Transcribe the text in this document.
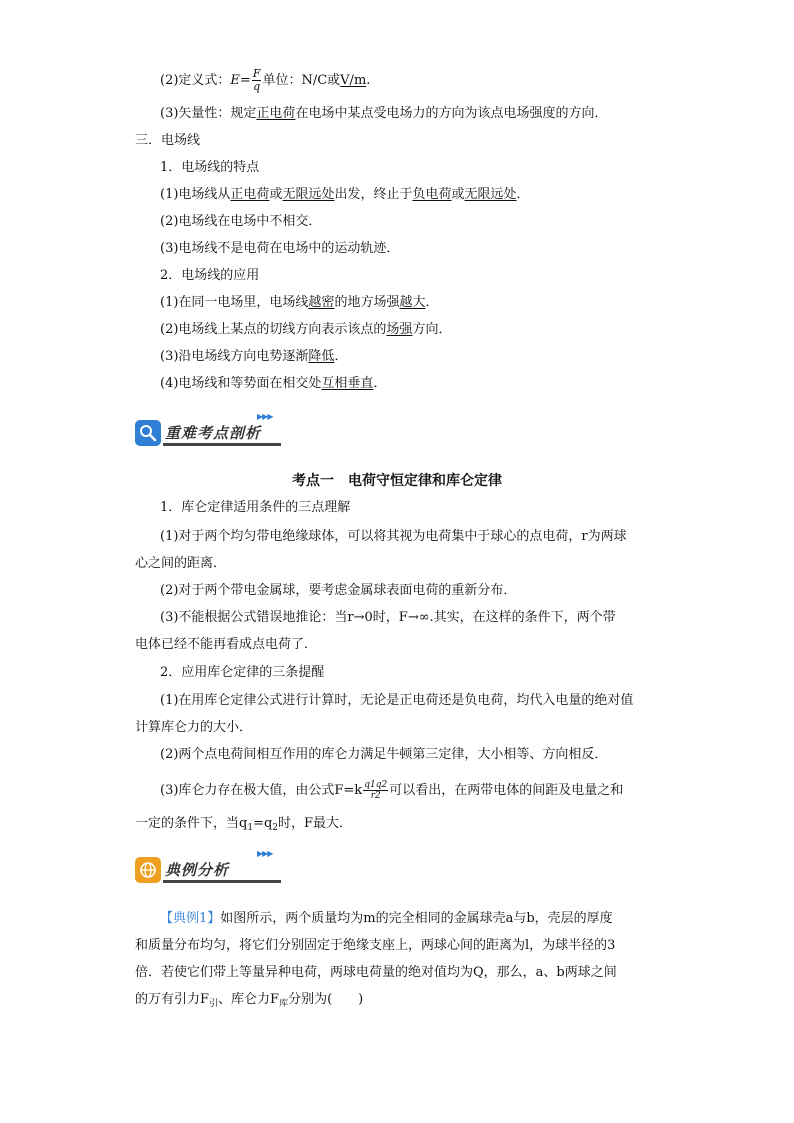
(2)定义式：$E= \frac{F}{q}$ 单位：N/C或V/m.
(3)矢量性：规定正电荷在电场中某点受电场力的方向为该点电场强度的方向．
三．电场线
1．电场线的特点
(1)电场线从正电荷或无限远处出发，终止于负电荷或无限远处．
(2)电场线在电场中不相交．
(3)电场线不是电荷在电场中的运动轨迹．
2．电场线的应用
(1)在同一电场里，电场线越密的地方场强越大．
(2)电场线上某点的切线方向表示该点的场强方向．
(3)沿电场线方向电势逐渐降低．
(4)电场线和等势面在相交处互相垂直．
▶▶▶
重难考点剖析
考点一　电荷守恒定律和库仑定律
1．库仑定律适用条件的三点理解
(1)对于两个均匀带电绝缘球体，可以将其视为电荷集中于球心的点电荷，r为两球
心之间的距离．
(2)对于两个带电金属球，要考虑金属球表面电荷的重新分布．
(3)不能根据公式错误地推论：当r→0时，F→∞.其实，在这样的条件下，两个带
电体已经不能再看成点电荷了．
2．应用库仑定律的三条提醒
(1)在用库仑定律公式进行计算时，无论是正电荷还是负电荷，均代入电量的绝对值
计算库仑力的大小．
(2)两个点电荷间相互作用的库仑力满足牛顿第三定律，大小相等、方向相反．
(3)库仑力存在极大值，由公式$F=k \frac{q1q2}{r2}$ 可以看出，在两带电体的间距及电量之和
一定的条件下，当$q_1=q_2$时，F最大．
▶▶▶
典例分析
【典例1】如图所示，两个质量均为m的完全相同的金属球壳a与b，壳层的厚度
和质量分布均匀，将它们分别固定于绝缘支座上，两球心间的距离为l，为球半径的3
倍．若使它们带上等量异种电荷，两球电荷量的绝对值均为Q，那么，a、b两球之间
的万有引力$F_引$、库仑力$F_库$分别为(　　)
